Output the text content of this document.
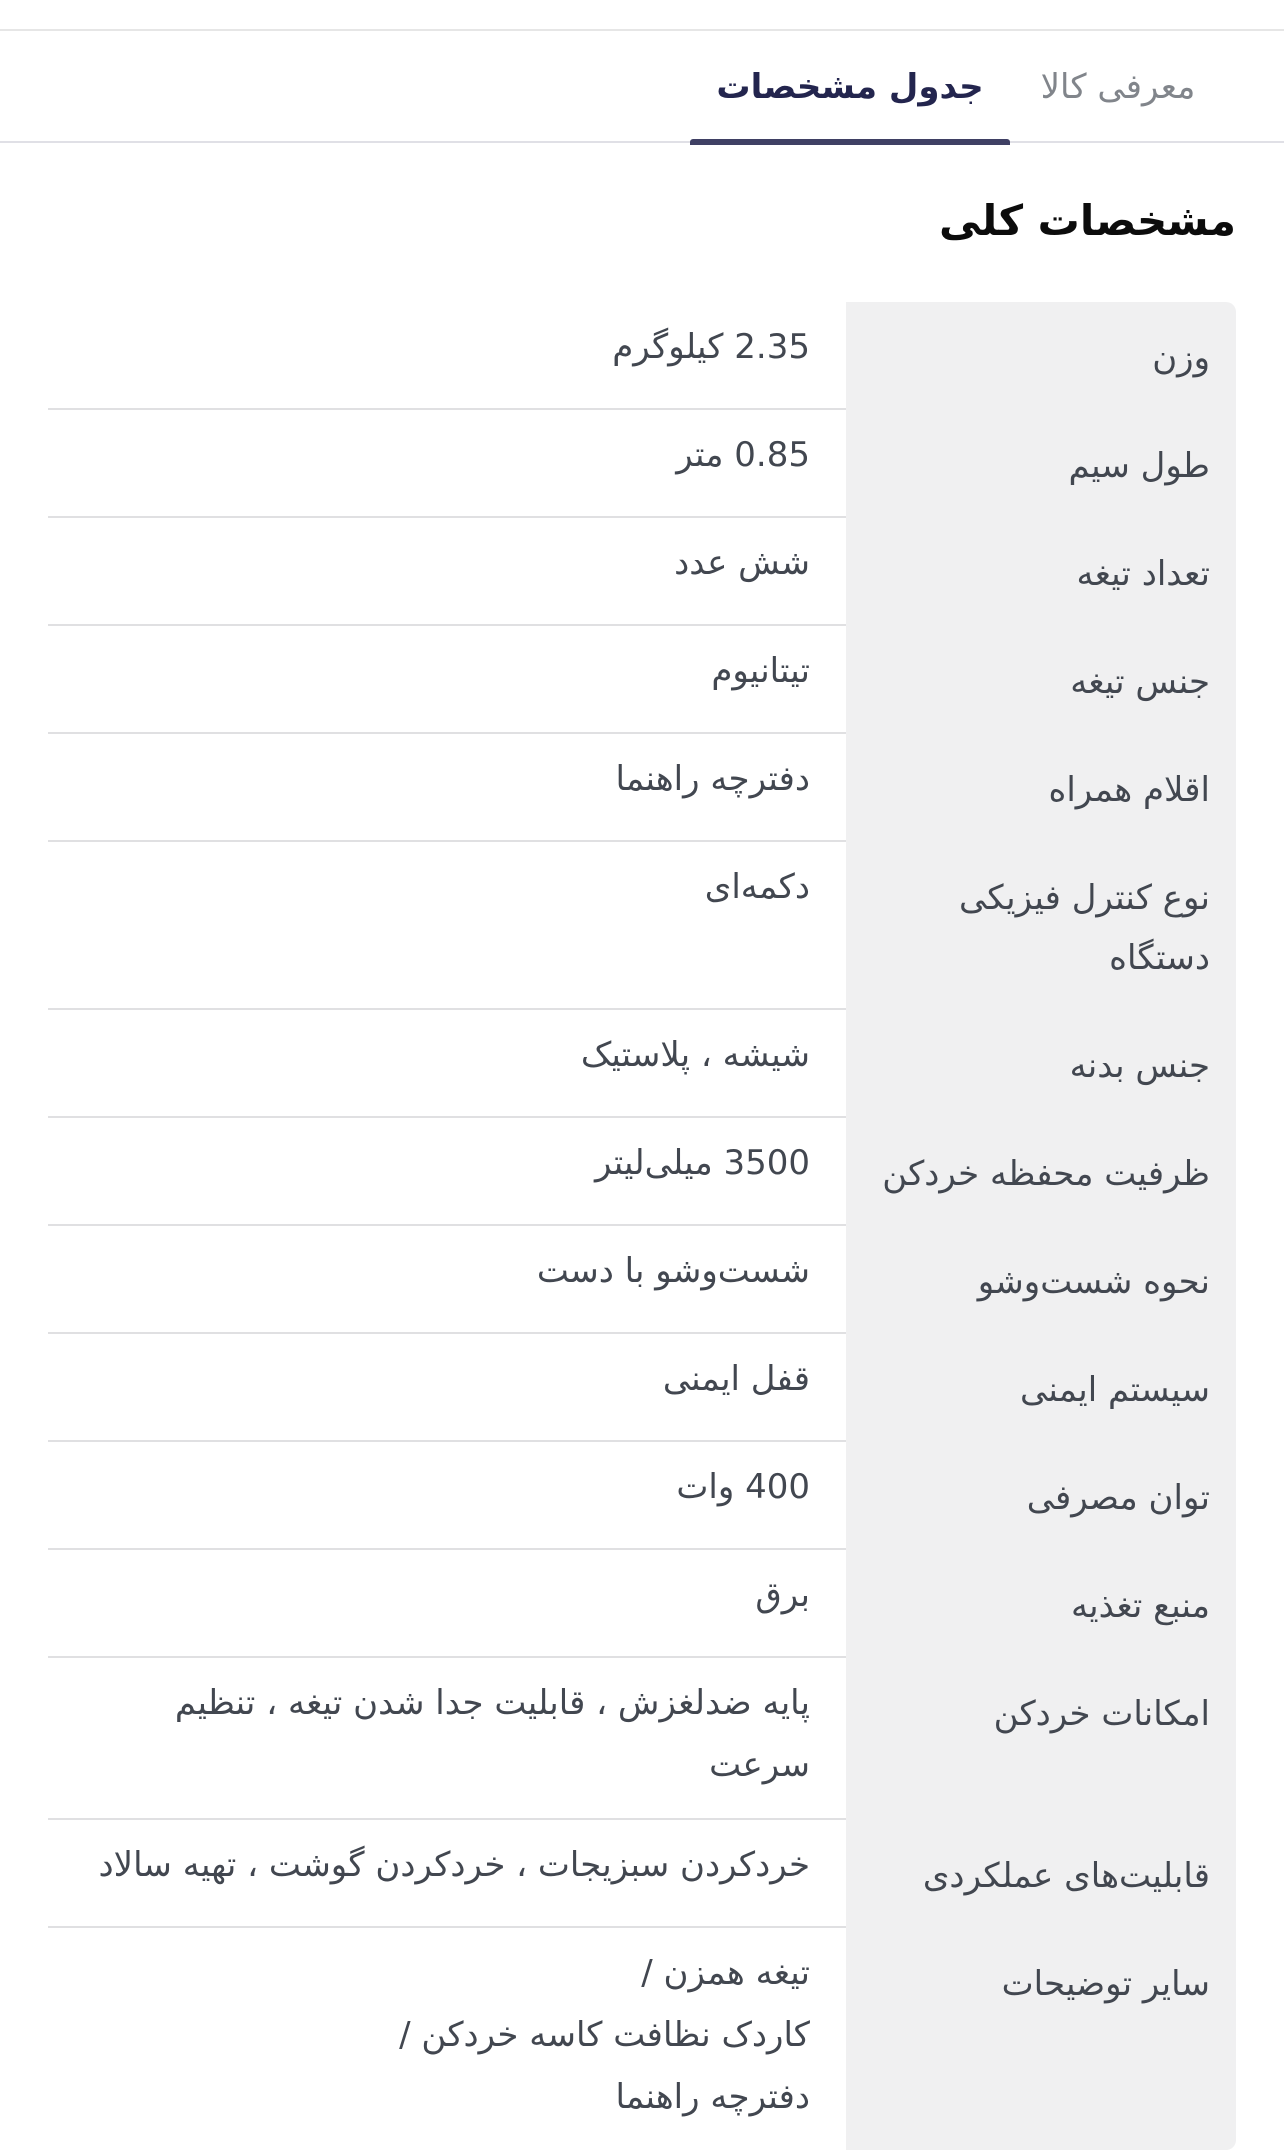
معرفی کالا
جدول مشخصات
مشخصات کلی
وزن
2.35 کیلوگرم
طول سیم
0.85 متر
تعداد تیغه
شش عدد
جنس تیغه
تیتانیوم
اقلام همراه
دفترچه راهنما
نوع کنترل فیزیکی دستگاه
دکمه‌ای
جنس بدنه
شیشه ، پلاستیک
ظرفیت محفظه خردکن
3500 میلی‌لیتر
نحوه شست‌وشو
شست‌وشو با دست
سیستم ایمنی
قفل ایمنی
توان مصرفی
400 وات
منبع تغذیه
برق
امکانات خردکن
پایه ضدلغزش ، قابلیت جدا شدن تیغه ، تنظیم سرعت
قابلیت‌های عملکردی
خردکردن سبزیجات ، خردکردن گوشت ، تهیه سالاد
سایر توضیحات
تیغه همزن /
کاردک نظافت کاسه خردکن /
دفترچه راهنما
